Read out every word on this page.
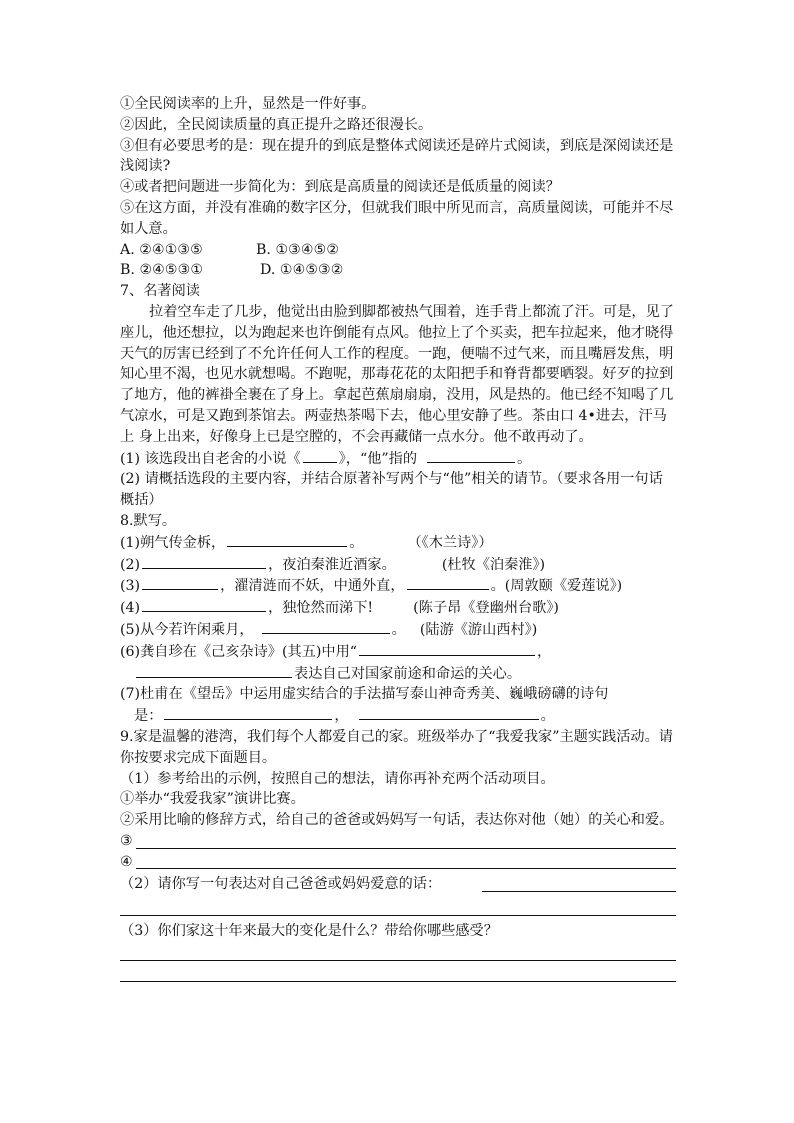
①全民阅读率的上升，显然是一件好事。
②因此，全民阅读质量的真正提升之路还很漫长。
③但有必要思考的是：现在提升的到底是整体式阅读还是碎片式阅读，到底是深阅读还是浅阅读?
④或者把问题进一步简化为：到底是高质量的阅读还是低质量的阅读？
⑤在这方面，并没有准确的数字区分，但就我们眼中所见而言，高质量阅读，可能并不尽如人意。
A. ②④①③⑤	B. ①③④⑤②
B. ②④⑤③①	D. ①④⑤③②
7、名著阅读
拉着空车走了几步，他觉出由脸到脚都被热气围着，连手背上都流了汗。可是，见了座儿，他还想拉，以为跑起来也许倒能有点风。他拉上了个买卖，把车拉起来，他才晓得天气的厉害已经到了不允许任何人工作的程度。一跑，便喘不过气来，而且嘴唇发焦，明知心里不渴，也见水就想喝。不跑呢，那毒花花的太阳把手和脊背都要晒裂。好歹的拉到了地方，他的裤褂全裹在了身上。拿起芭蕉扇扇扇，没用，风是热的。他已经不知喝了几气凉水，可是又跑到茶馆去。两壶热茶喝下去，他心里安静了些。茶由口 4•进去，汗马上 身上出来，好像身上已是空膛的，不会再藏储一点水分。他不敢再动了。
(1) 该选段出自老舍的小说《	》，“他”指的	。
(2) 请概括选段的主要内容，并结合原著补写两个与“他”相关的请节。（要求各用一句话概括）
8.默写。
(1)朔气传金柝，	。	（《木兰诗》）
(2)	，夜泊秦淮近酒家。	(杜牧《泊秦淮》)
(3)	，濯清涟而不妖，中通外直，	。(周敦颐《爱莲说》)
(4)	，独怆然而涕下!	(陈子昂《登幽州台歌》)
(5)从今若许闲乘月，	。 (陆游《游山西村》)
(6)龚自珍在《己亥杂诗》(其五)中用“	，
表达自己对国家前途和命运的关心。
(7)杜甫在《望岳》中运用虚实结合的手法描写泰山神奇秀美、巍峨磅礴的诗句
是：	，	。
9.家是温馨的港湾，我们每个人都爱自己的家。班级举办了“我爱我家”主题实践活动。请你按要求完成下面题目。
（1）参考给出的示例，按照自己的想法，请你再补充两个活动项目。
①举办“我爱我家”演讲比赛。
②采用比喻的修辞方式，给自己的爸爸或妈妈写一句话，表达你对他（她）的关心和爱。
③
④
（2）请你写一句表达对自己爸爸或妈妈爱意的话：
（3）你们家这十年来最大的变化是什么？带给你哪些感受？
